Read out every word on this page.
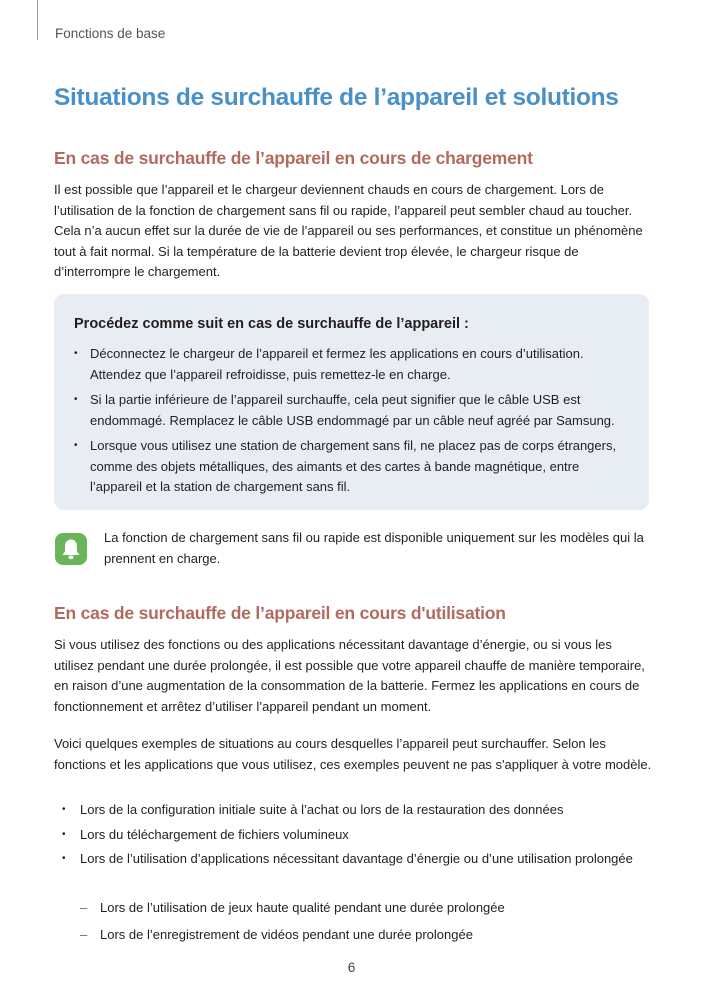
Fonctions de base
Situations de surchauffe de l’appareil et solutions
En cas de surchauffe de l’appareil en cours de chargement

Il est possible que l’appareil et le chargeur deviennent chauds en cours de chargement. Lors de l’utilisation de la fonction de chargement sans fil ou rapide, l’appareil peut sembler chaud au toucher. Cela n’a aucun effet sur la durée de vie de l’appareil ou ses performances, et constitue un phénomène tout à fait normal. Si la température de la batterie devient trop élevée, le chargeur risque de d’interrompre le chargement.

Procédez comme suit en cas de surchauffe de l’appareil :
• Déconnectez le chargeur de l’appareil et fermez les applications en cours d’utilisation. Attendez que l’appareil refroidisse, puis remettez-le en charge.
• Si la partie inférieure de l’appareil surchauffe, cela peut signifier que le câble USB est endommagé. Remplacez le câble USB endommagé par un câble neuf agréé par Samsung.
• Lorsque vous utilisez une station de chargement sans fil, ne placez pas de corps étrangers, comme des objets métalliques, des aimants et des cartes à bande magnétique, entre l’appareil et la station de chargement sans fil.

La fonction de chargement sans fil ou rapide est disponible uniquement sur les modèles qui la prennent en charge.

En cas de surchauffe de l’appareil en cours d'utilisation

Si vous utilisez des fonctions ou des applications nécessitant davantage d’énergie, ou si vous les utilisez pendant une durée prolongée, il est possible que votre appareil chauffe de manière temporaire, en raison d’une augmentation de la consommation de la batterie. Fermez les applications en cours de fonctionnement et arrêtez d’utiliser l’appareil pendant un moment.

Voici quelques exemples de situations au cours desquelles l’appareil peut surchauffer. Selon les fonctions et les applications que vous utilisez, ces exemples peuvent ne pas s'appliquer à votre modèle.

• Lors de la configuration initiale suite à l’achat ou lors de la restauration des données
• Lors du téléchargement de fichiers volumineux
• Lors de l’utilisation d’applications nécessitant davantage d’énergie ou d’une utilisation prolongée
– Lors de l’utilisation de jeux haute qualité pendant une durée prolongée
– Lors de l’enregistrement de vidéos pendant une durée prolongée
6
